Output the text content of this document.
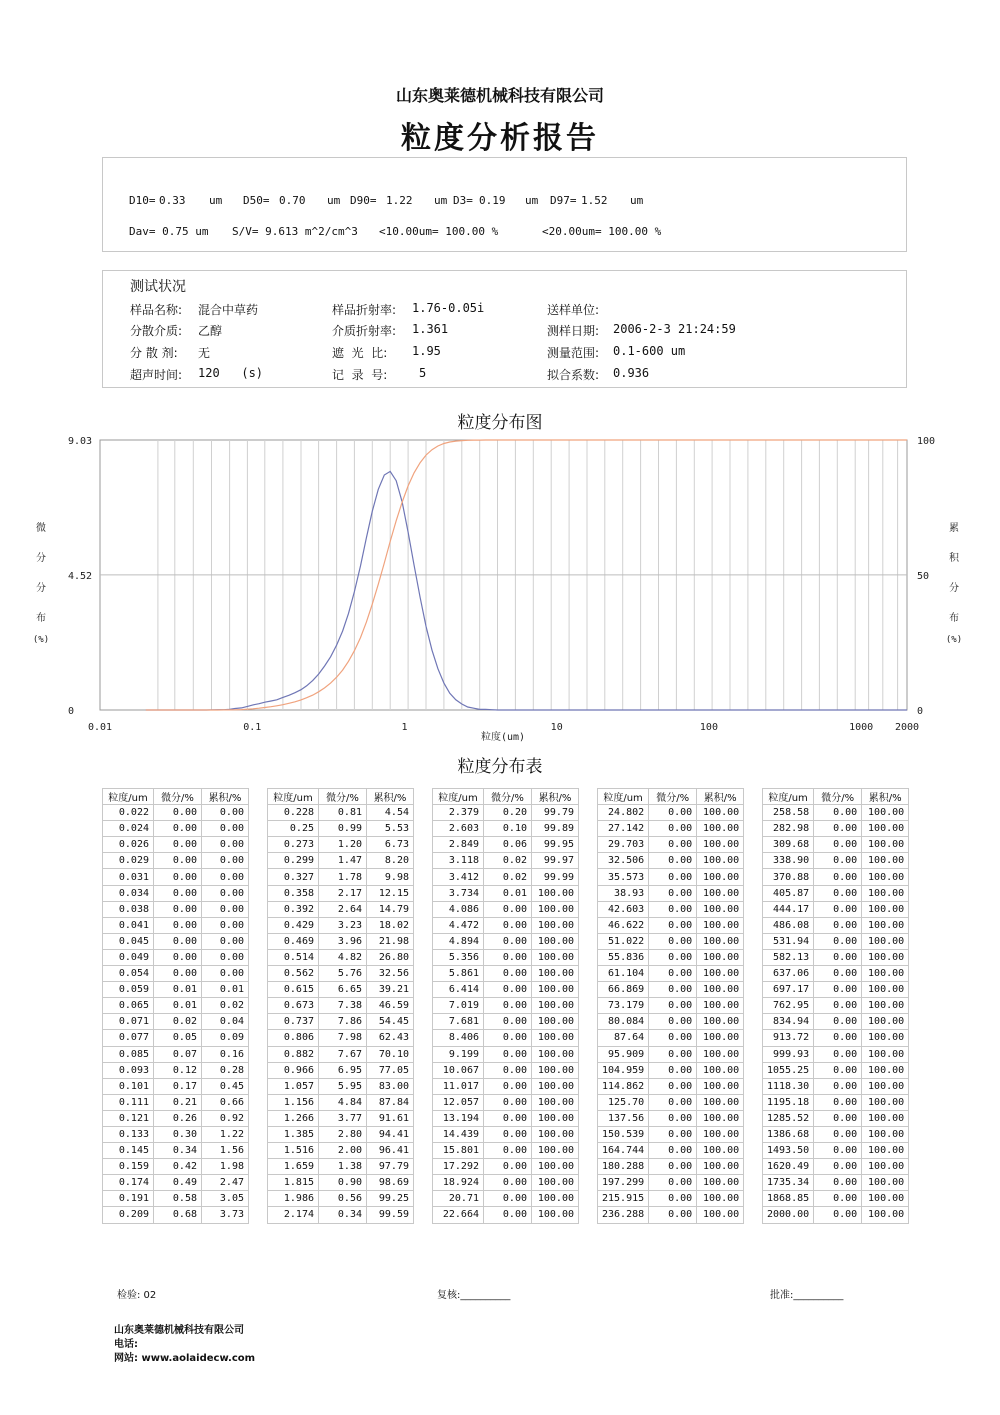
山东奥莱德机械科技有限公司
粒度分析报告
D10= 0.33 um D50= 0.70 um D90= 1.22 um D3= 0.19 um D97= 1.52 um
Dav= 0.75 um S/V= 9.613 m^2/cm^3 <10.00um= 100.00 %	<20.00um= 100.00 %
测试状况
样品名称: 混合中草药	样品折射率: 1.76-0.05i	送样单位:
分散介质: 乙醇	介质折射率: 1.361	测样日期: 2006-2-3 21:24:59
分 散 剂: 无	遮  光  比: 1.95	测量范围: 0.1-600 um
超声时间: 120   (s)	记  录  号:	5	拟合系数: 0.936
粒度分布图
0.01	0.1	1	10	100	1000 2000
0
4.52
9.03
0
50
100
粒度(um)
微
分
分
布
(%)
累
积
分
布
(%)
粒度分布表
粒度/um	微分/%	累积/%
0.022	0.00	0.00
0.024	0.00	0.00
0.026	0.00	0.00
0.029	0.00	0.00
0.031	0.00	0.00
0.034	0.00	0.00
0.038	0.00	0.00
0.041	0.00	0.00
0.045	0.00	0.00
0.049	0.00	0.00
0.054	0.00	0.00
0.059	0.01	0.01
0.065	0.01	0.02
0.071	0.02	0.04
0.077	0.05	0.09
0.085	0.07	0.16
0.093	0.12	0.28
0.101	0.17	0.45
0.111	0.21	0.66
0.121	0.26	0.92
0.133	0.30	1.22
0.145	0.34	1.56
0.159	0.42	1.98
0.174	0.49	2.47
0.191	0.58	3.05
0.209	0.68	3.73
粒度/um	微分/%	累积/%
0.228	0.81	4.54
0.25	0.99	5.53
0.273	1.20	6.73
0.299	1.47	8.20
0.327	1.78	9.98
0.358	2.17	12.15
0.392	2.64	14.79
0.429	3.23	18.02
0.469	3.96	21.98
0.514	4.82	26.80
0.562	5.76	32.56
0.615	6.65	39.21
0.673	7.38	46.59
0.737	7.86	54.45
0.806	7.98	62.43
0.882	7.67	70.10
0.966	6.95	77.05
1.057	5.95	83.00
1.156	4.84	87.84
1.266	3.77	91.61
1.385	2.80	94.41
1.516	2.00	96.41
1.659	1.38	97.79
1.815	0.90	98.69
1.986	0.56	99.25
2.174	0.34	99.59
粒度/um	微分/%	累积/%
2.379	0.20	99.79
2.603	0.10	99.89
2.849	0.06	99.95
3.118	0.02	99.97
3.412	0.02	99.99
3.734	0.01	100.00
4.086	0.00	100.00
4.472	0.00	100.00
4.894	0.00	100.00
5.356	0.00	100.00
5.861	0.00	100.00
6.414	0.00	100.00
7.019	0.00	100.00
7.681	0.00	100.00
8.406	0.00	100.00
9.199	0.00	100.00
10.067	0.00	100.00
11.017	0.00	100.00
12.057	0.00	100.00
13.194	0.00	100.00
14.439	0.00	100.00
15.801	0.00	100.00
17.292	0.00	100.00
18.924	0.00	100.00
20.71	0.00	100.00
22.664	0.00	100.00
粒度/um	微分/%	累积/%
24.802	0.00	100.00
27.142	0.00	100.00
29.703	0.00	100.00
32.506	0.00	100.00
35.573	0.00	100.00
38.93	0.00	100.00
42.603	0.00	100.00
46.622	0.00	100.00
51.022	0.00	100.00
55.836	0.00	100.00
61.104	0.00	100.00
66.869	0.00	100.00
73.179	0.00	100.00
80.084	0.00	100.00
87.64	0.00	100.00
95.909	0.00	100.00
104.959	0.00	100.00
114.862	0.00	100.00
125.70	0.00	100.00
137.56	0.00	100.00
150.539	0.00	100.00
164.744	0.00	100.00
180.288	0.00	100.00
197.299	0.00	100.00
215.915	0.00	100.00
236.288	0.00	100.00
粒度/um	微分/%	累积/%
258.58	0.00	100.00
282.98	0.00	100.00
309.68	0.00	100.00
338.90	0.00	100.00
370.88	0.00	100.00
405.87	0.00	100.00
444.17	0.00	100.00
486.08	0.00	100.00
531.94	0.00	100.00
582.13	0.00	100.00
637.06	0.00	100.00
697.17	0.00	100.00
762.95	0.00	100.00
834.94	0.00	100.00
913.72	0.00	100.00
999.93	0.00	100.00
1055.25	0.00	100.00
1118.30	0.00	100.00
1195.18	0.00	100.00
1285.52	0.00	100.00
1386.68	0.00	100.00
1493.50	0.00	100.00
1620.49	0.00	100.00
1735.34	0.00	100.00
1868.85	0.00	100.00
2000.00	0.00	100.00
检验: 02	复核:__________	批准:__________
山东奥莱德机械科技有限公司
电话:
网站: www.aolaidecw.com
